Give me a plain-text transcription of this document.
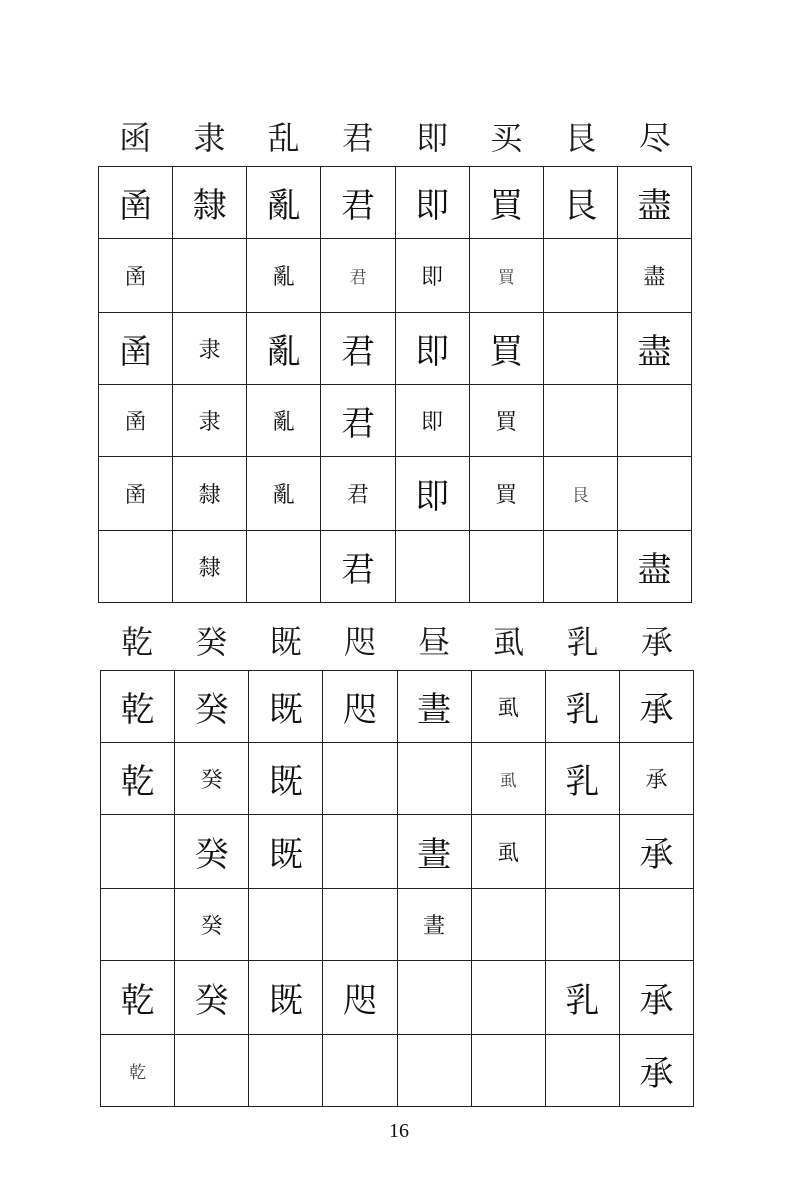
函	隶	乱	君	即	买	艮	尽
圅	隸	亂	君	即	買	艮	盡
圅		亂	君	即	買		盡
圅	隶	亂	君	即	買		盡
圅	隶	亂	君	即	買		
圅	隸	亂	君	即	買	艮	
	隸		君				盡
乾	癸	既	咫	昼	虱	乳	承
乾	癸	既	咫	晝	虱	乳	承
乾	癸	既			虱	乳	承
	癸	既		晝	虱		承
	癸			晝			
乾	癸	既	咫			乳	承
乾							承
16
